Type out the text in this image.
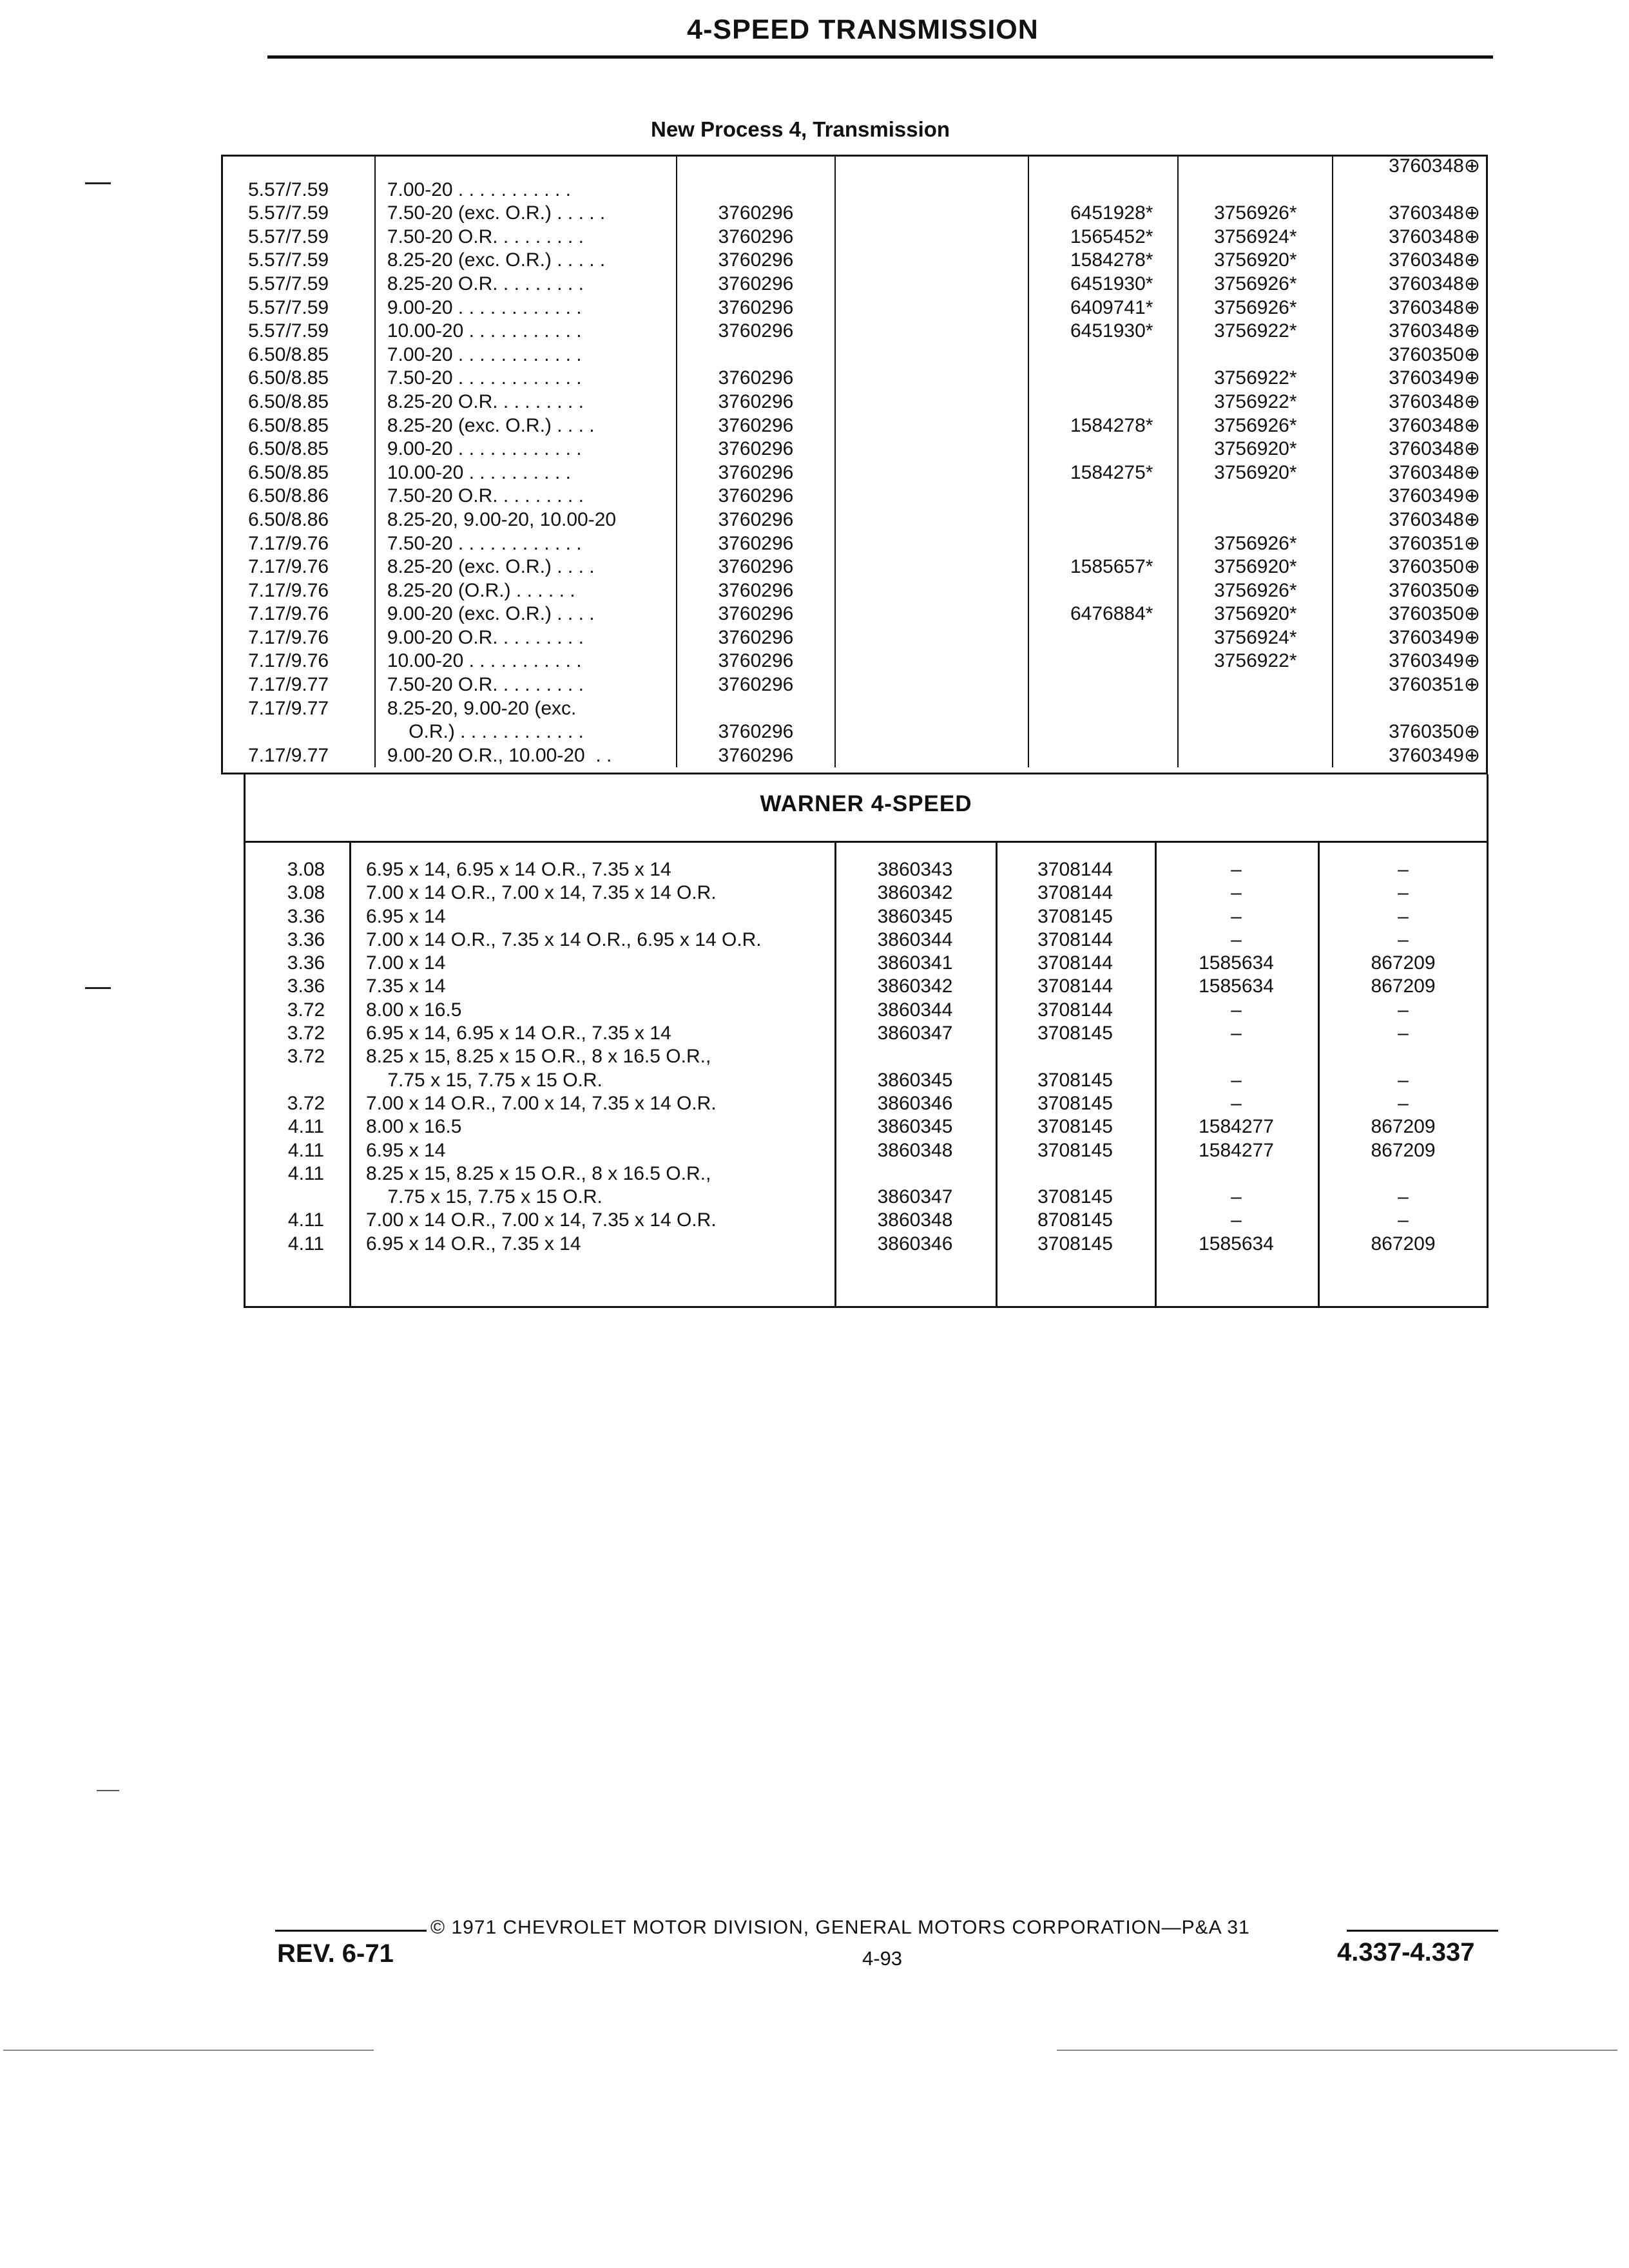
4-SPEED TRANSMISSION
New Process 4, Transmission
						3760348⊕
5.57/7.59	7.00-20 . . . . . . . . . . .					
5.57/7.59	7.50-20 (exc. O.R.) . . . . .	3760296		6451928*	3756926*	3760348⊕
5.57/7.59	7.50-20 O.R. . . . . . . . .	3760296		1565452*	3756924*	3760348⊕
5.57/7.59	8.25-20 (exc. O.R.) . . . . .	3760296		1584278*	3756920*	3760348⊕
5.57/7.59	8.25-20 O.R. . . . . . . . .	3760296		6451930*	3756926*	3760348⊕
5.57/7.59	9.00-20 . . . . . . . . . . . .	3760296		6409741*	3756926*	3760348⊕
5.57/7.59	10.00-20 . . . . . . . . . . .	3760296		6451930*	3756922*	3760348⊕
6.50/8.85	7.00-20 . . . . . . . . . . . .					3760350⊕
6.50/8.85	7.50-20 . . . . . . . . . . . .	3760296			3756922*	3760349⊕
6.50/8.85	8.25-20 O.R. . . . . . . . .	3760296			3756922*	3760348⊕
6.50/8.85	8.25-20 (exc. O.R.) . . . .	3760296		1584278*	3756926*	3760348⊕
6.50/8.85	9.00-20 . . . . . . . . . . . .	3760296			3756920*	3760348⊕
6.50/8.85	10.00-20 . . . . . . . . . .	3760296		1584275*	3756920*	3760348⊕
6.50/8.86	7.50-20 O.R. . . . . . . . .	3760296				3760349⊕
6.50/8.86	8.25-20, 9.00-20, 10.00-20	3760296				3760348⊕
7.17/9.76	7.50-20 . . . . . . . . . . . .	3760296			3756926*	3760351⊕
7.17/9.76	8.25-20 (exc. O.R.) . . . .	3760296		1585657*	3756920*	3760350⊕
7.17/9.76	8.25-20 (O.R.) . . . . . .	3760296			3756926*	3760350⊕
7.17/9.76	9.00-20 (exc. O.R.) . . . .	3760296		6476884*	3756920*	3760350⊕
7.17/9.76	9.00-20 O.R. . . . . . . . .	3760296			3756924*	3760349⊕
7.17/9.76	10.00-20 . . . . . . . . . . .	3760296			3756922*	3760349⊕
7.17/9.77	7.50-20 O.R. . . . . . . . .	3760296				3760351⊕
7.17/9.77	8.25-20, 9.00-20 (exc.					
	O.R.) . . . . . . . . . . . .	3760296				3760350⊕
7.17/9.77	9.00-20 O.R., 10.00-20  . .	3760296				3760349⊕
WARNER 4-SPEED
3.08	6.95 x 14, 6.95 x 14 O.R., 7.35 x 14	3860343	3708144	–	–
3.08	7.00 x 14 O.R., 7.00 x 14, 7.35 x 14 O.R.	3860342	3708144	–	–
3.36	6.95 x 14	3860345	3708145	–	–
3.36	7.00 x 14 O.R., 7.35 x 14 O.R., 6.95 x 14 O.R.	3860344	3708144	–	–
3.36	7.00 x 14	3860341	3708144	1585634	867209
3.36	7.35 x 14	3860342	3708144	1585634	867209
3.72	8.00 x 16.5	3860344	3708144	–	–
3.72	6.95 x 14, 6.95 x 14 O.R., 7.35 x 14	3860347	3708145	–	–
3.72	8.25 x 15, 8.25 x 15 O.R., 8 x 16.5 O.R.,				
	7.75 x 15, 7.75 x 15 O.R.	3860345	3708145	–	–
3.72	7.00 x 14 O.R., 7.00 x 14, 7.35 x 14 O.R.	3860346	3708145	–	–
4.11	8.00 x 16.5	3860345	3708145	1584277	867209
4.11	6.95 x 14	3860348	3708145	1584277	867209
4.11	8.25 x 15, 8.25 x 15 O.R., 8 x 16.5 O.R.,				
	7.75 x 15, 7.75 x 15 O.R.	3860347	3708145	–	–
4.11	7.00 x 14 O.R., 7.00 x 14, 7.35 x 14 O.R.	3860348	8708145	–	–
4.11	6.95 x 14 O.R., 7.35 x 14	3860346	3708145	1585634	867209
© 1971 CHEVROLET MOTOR DIVISION, GENERAL MOTORS CORPORATION—P&A 31
REV. 6-71	4-93	4.337-4.337
